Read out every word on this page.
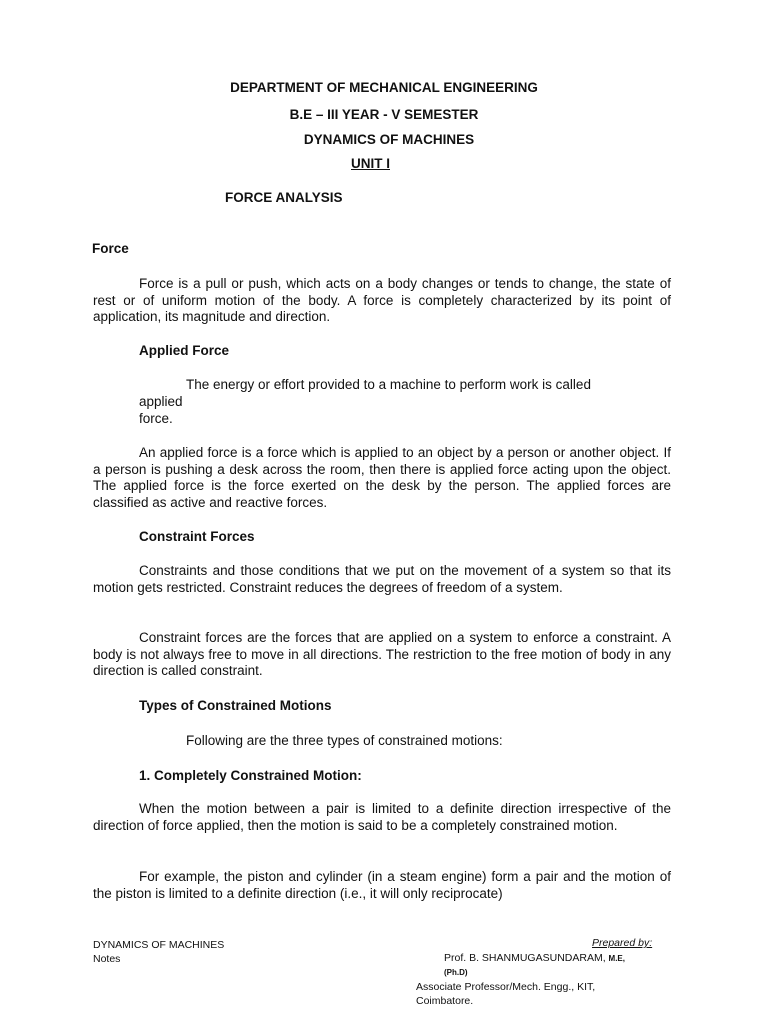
DEPARTMENT OF MECHANICAL ENGINEERING
B.E – III YEAR - V SEMESTER
DYNAMICS OF MACHINES
UNIT I
FORCE ANALYSIS
Force
Force is a pull or push, which acts on a body changes or tends to change, the state of rest or of uniform motion of the body. A force is completely characterized by its point of application, its magnitude and direction.
Applied Force
The energy or effort provided to a machine to perform work is called
applied
force.
An applied force is a force which is applied to an object by a person or another object. If a person is pushing a desk across the room, then there is applied force acting upon the object. The applied force is the force exerted on the desk by the person. The applied forces are classified as active and reactive forces.
Constraint Forces
Constraints and those conditions that we put on the movement of a system so that its motion gets restricted. Constraint reduces the degrees of freedom of a system.
Constraint forces are the forces that are applied on a system to enforce a constraint. A body is not always free to move in all directions. The restriction to the free motion of body in any direction is called constraint.
Types of Constrained Motions
Following are the three types of constrained motions:
1. Completely Constrained Motion:
When the motion between a pair is limited to a definite direction irrespective of the direction of force applied, then the motion is said to be a completely constrained motion.
For example, the piston and cylinder (in a steam engine) form a pair and the motion of the piston is limited to a definite direction (i.e., it will only reciprocate)
DYNAMICS OF MACHINES
Notes
Prepared by:
Prof. B. SHANMUGASUNDARAM, M.E,
(Ph.D)
Associate Professor/Mech. Engg., KIT,
Coimbatore.
